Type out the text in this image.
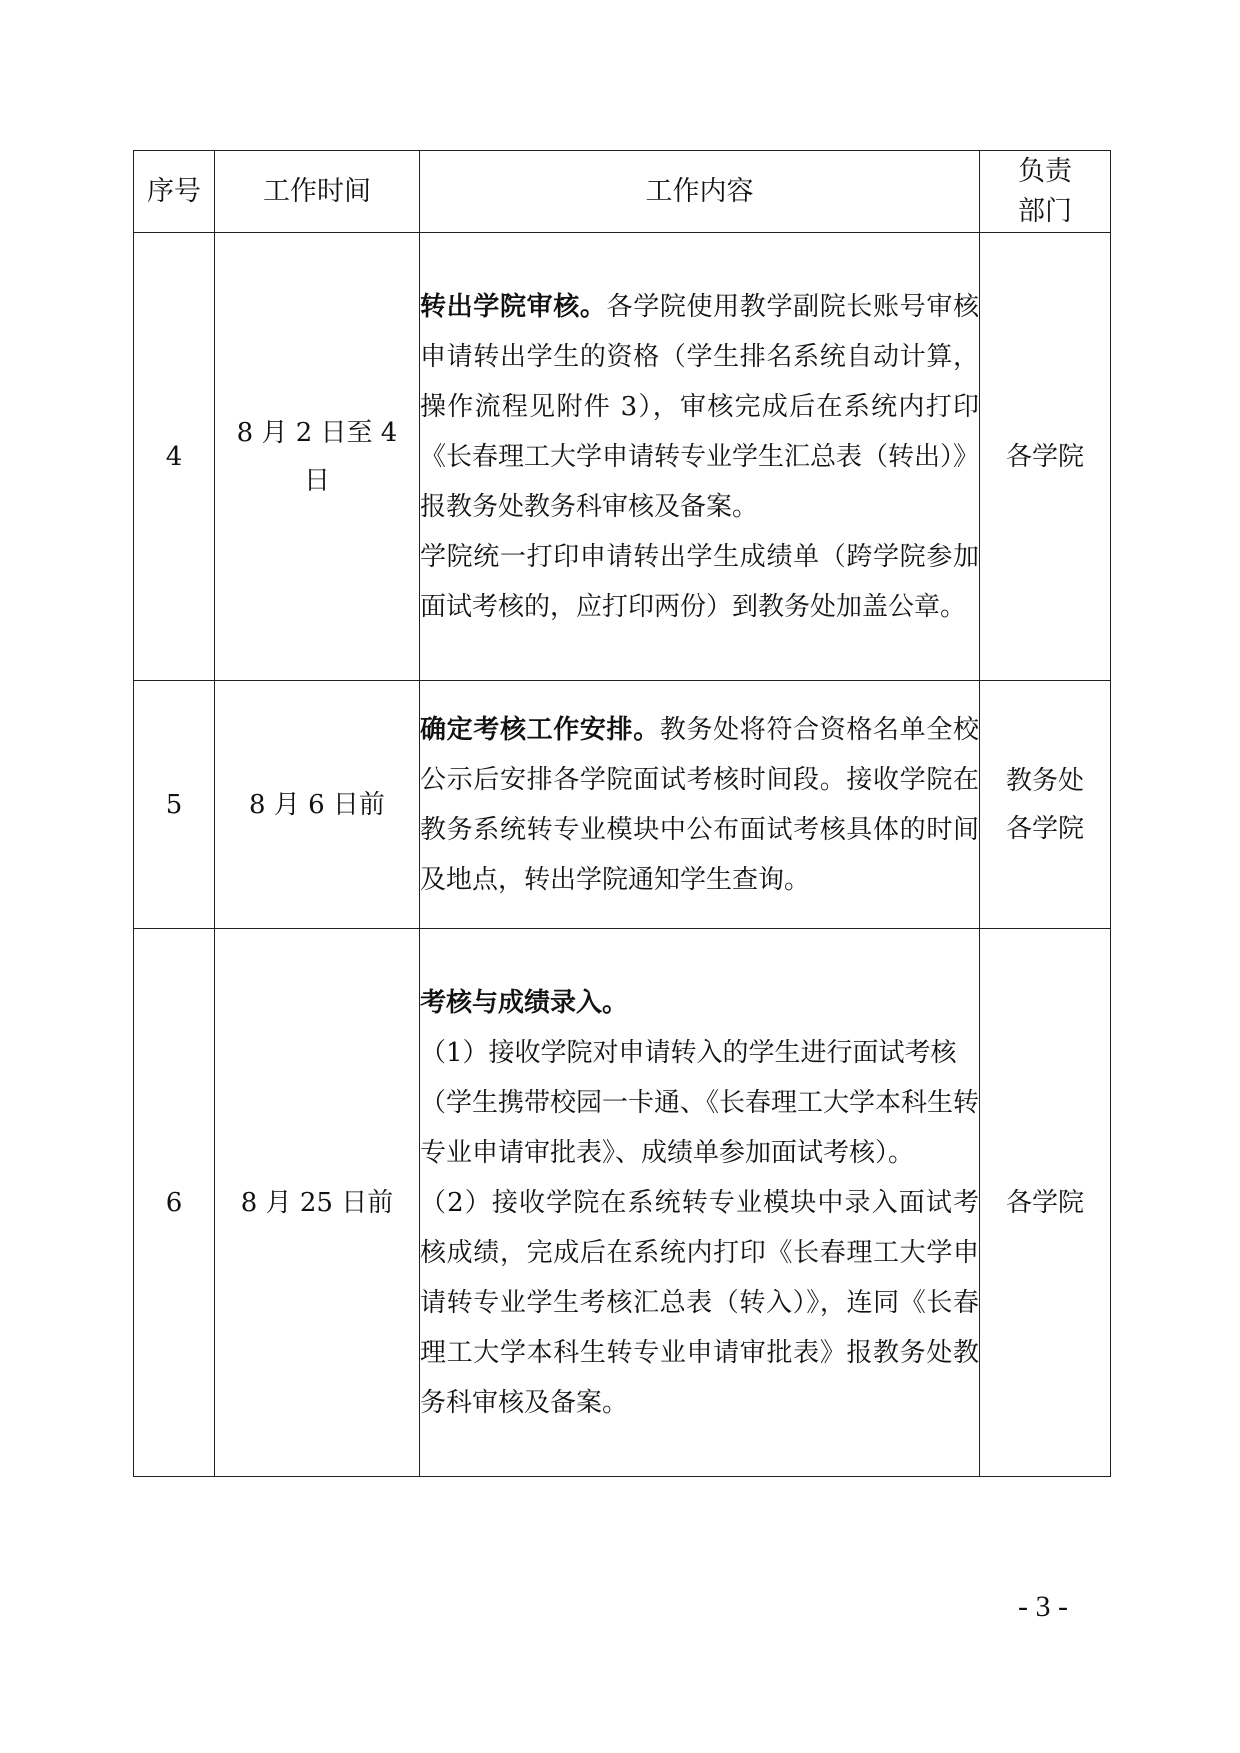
序号	工作时间	工作内容	负责
部门

4	8 月 2 日至 4 日	转出学院审核。各学院使用教学副院长账号审核申请转出学生的资格（学生排名系统自动计算，操作流程见附件 3），审核完成后在系统内打印《长春理工大学申请转专业学生汇总表（转出）》报教务处教务科审核及备案。

学院统一打印申请转出学生成绩单（跨学院参加面试考核的，应打印两份）到教务处加盖公章。	各学院
5	8 月 6 日前	确定考核工作安排。教务处将符合资格名单全校公示后安排各学院面试考核时间段。接收学院在教务系统转专业模块中公布面试考核具体的时间及地点，转出学院通知学生查询。	教务处
各学院

6	8 月 25 日前	考核与成绩录入。

（1）接收学院对申请转入的学生进行面试考核

（学生携带校园一卡通、《长春理工大学本科生转专业申请审批表》、成绩单参加面试考核）。

（2）接收学院在系统转专业模块中录入面试考核成绩，完成后在系统内打印《长春理工大学申请转专业学生考核汇总表（转入）》，连同《长春理工大学本科生转专业申请审批表》报教务处教务科审核及备案。	各学院
- 3 -
